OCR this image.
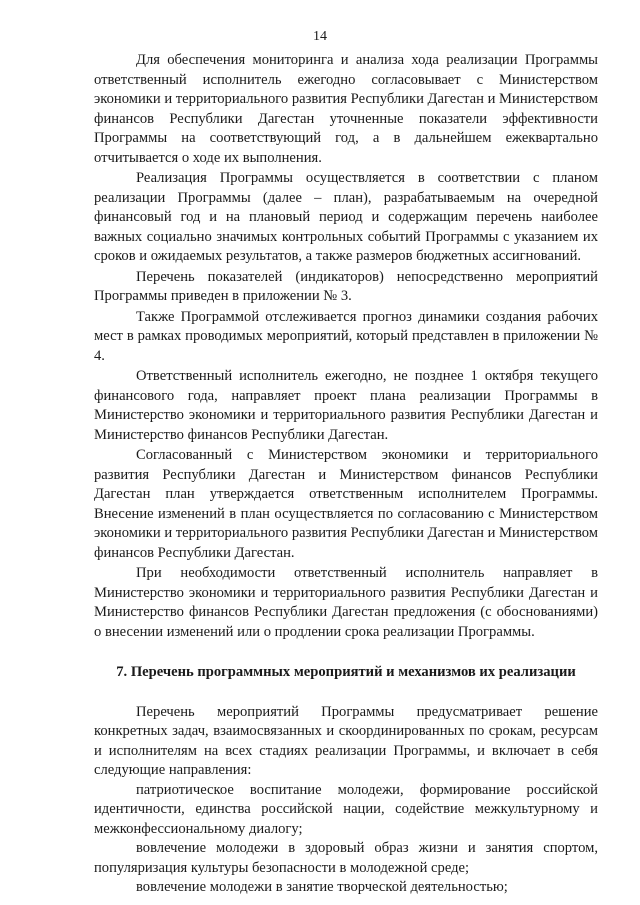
14

Для обеспечения мониторинга и анализа хода реализации Программы ответственный исполнитель ежегодно согласовывает с Министерством экономики и территориального развития Республики Дагестан и Министерством финансов Республики Дагестан уточненные показатели эффективности Программы на соответствующий год, а в дальнейшем ежеквартально отчитывается о ходе их выполнения.

Реализация Программы осуществляется в соответствии с планом реализации Программы (далее – план), разрабатываемым на очередной финансовый год и на плановый период и содержащим перечень наиболее важных социально значимых контрольных событий Программы с указанием их сроков и ожидаемых результатов, а также размеров бюджетных ассигнований.

Перечень показателей (индикаторов) непосредственно мероприятий Программы приведен в приложении № 3.

Также Программой отслеживается прогноз динамики создания рабочих мест в рамках проводимых мероприятий, который представлен в приложении № 4.

Ответственный исполнитель ежегодно, не позднее 1 октября текущего финансового года, направляет проект плана реализации Программы в Министерство экономики и территориального развития Республики Дагестан и Министерство финансов Республики Дагестан.

Согласованный с Министерством экономики и территориального развития Республики Дагестан и Министерством финансов Республики Дагестан план утверждается ответственным исполнителем Программы. Внесение изменений в план осуществляется по согласованию с Министерством экономики и территориального развития Республики Дагестан и Министерством финансов Республики Дагестан.

При необходимости ответственный исполнитель направляет в Министерство экономики и территориального развития Республики Дагестан и Министерство финансов Республики Дагестан предложения (с обоснованиями) о внесении изменений или о продлении срока реализации Программы.

7. Перечень программных мероприятий и механизмов их реализации

Перечень мероприятий Программы предусматривает решение конкретных задач, взаимосвязанных и скоординированных по срокам, ресурсам и исполнителям на всех стадиях реализации Программы, и включает в себя следующие направления:

патриотическое воспитание молодежи, формирование российской идентичности, единства российской нации, содействие межкультурному и межконфессиональному диалогу;

вовлечение молодежи в здоровый образ жизни и занятия спортом, популяризация культуры безопасности в молодежной среде;

вовлечение молодежи в занятие творческой деятельностью;
